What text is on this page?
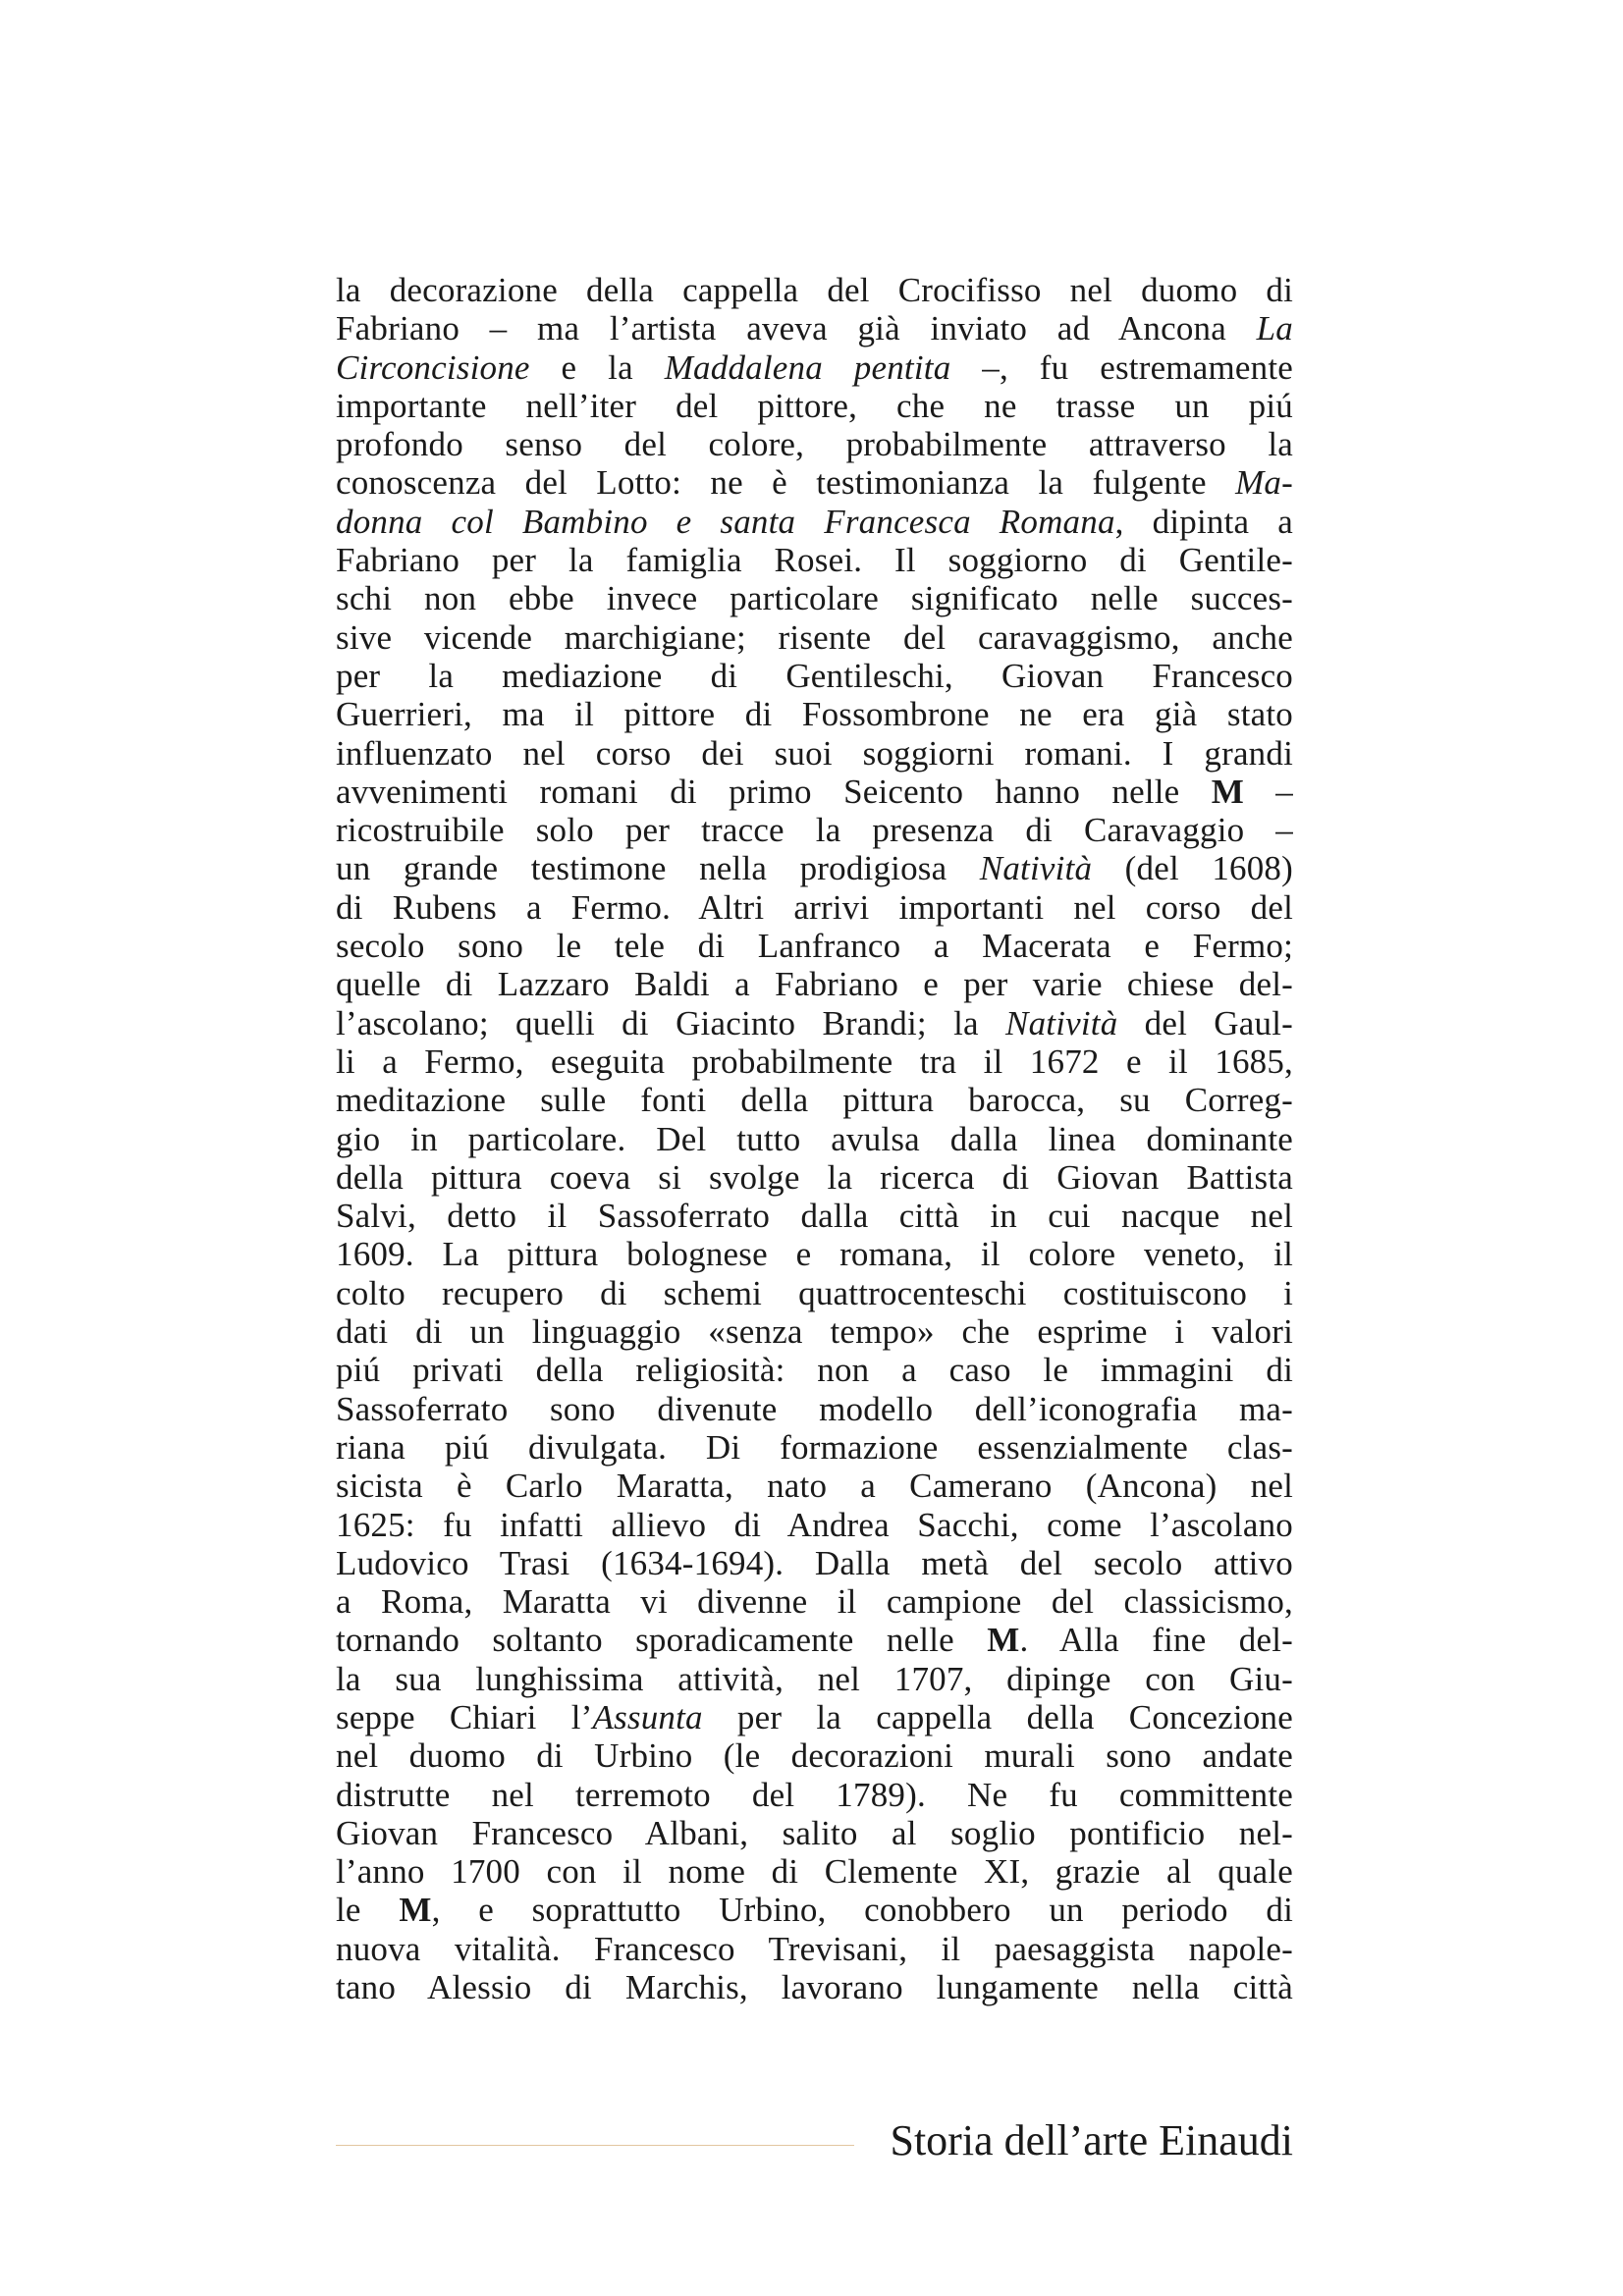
la decorazione della cappella del Crocifisso nel duomo di
Fabriano – ma l’artista aveva già inviato ad Ancona La
Circoncisione e la Maddalena pentita –, fu estremamente
importante nell’iter del pittore, che ne trasse un piú
profondo senso del colore, probabilmente attraverso la
conoscenza del Lotto: ne è testimonianza la fulgente Ma-
donna col Bambino e santa Francesca Romana, dipinta a
Fabriano per la famiglia Rosei. Il soggiorno di Gentile-
schi non ebbe invece particolare significato nelle succes-
sive vicende marchigiane; risente del caravaggismo, anche
per la mediazione di Gentileschi, Giovan Francesco
Guerrieri, ma il pittore di Fossombrone ne era già stato
influenzato nel corso dei suoi soggiorni romani. I grandi
avvenimenti romani di primo Seicento hanno nelle M –
ricostruibile solo per tracce la presenza di Caravaggio –
un grande testimone nella prodigiosa Natività (del 1608)
di Rubens a Fermo. Altri arrivi importanti nel corso del
secolo sono le tele di Lanfranco a Macerata e Fermo;
quelle di Lazzaro Baldi a Fabriano e per varie chiese del-
l’ascolano; quelli di Giacinto Brandi; la Natività del Gaul-
li a Fermo, eseguita probabilmente tra il 1672 e il 1685,
meditazione sulle fonti della pittura barocca, su Correg-
gio in particolare. Del tutto avulsa dalla linea dominante
della pittura coeva si svolge la ricerca di Giovan Battista
Salvi, detto il Sassoferrato dalla città in cui nacque nel
1609. La pittura bolognese e romana, il colore veneto, il
colto recupero di schemi quattrocenteschi costituiscono i
dati di un linguaggio «senza tempo» che esprime i valori
piú privati della religiosità: non a caso le immagini di
Sassoferrato sono divenute modello dell’iconografia ma-
riana piú divulgata. Di formazione essenzialmente clas-
sicista è Carlo Maratta, nato a Camerano (Ancona) nel
1625: fu infatti allievo di Andrea Sacchi, come l’ascolano
Ludovico Trasi (1634-1694). Dalla metà del secolo attivo
a Roma, Maratta vi divenne il campione del classicismo,
tornando soltanto sporadicamente nelle M. Alla fine del-
la sua lunghissima attività, nel 1707, dipinge con Giu-
seppe Chiari l’Assunta per la cappella della Concezione
nel duomo di Urbino (le decorazioni murali sono andate
distrutte nel terremoto del 1789). Ne fu committente
Giovan Francesco Albani, salito al soglio pontificio nel-
l’anno 1700 con il nome di Clemente XI, grazie al quale
le M, e soprattutto Urbino, conobbero un periodo di
nuova vitalità. Francesco Trevisani, il paesaggista napole-
tano Alessio di Marchis, lavorano lungamente nella città
Storia dell’arte Einaudi
